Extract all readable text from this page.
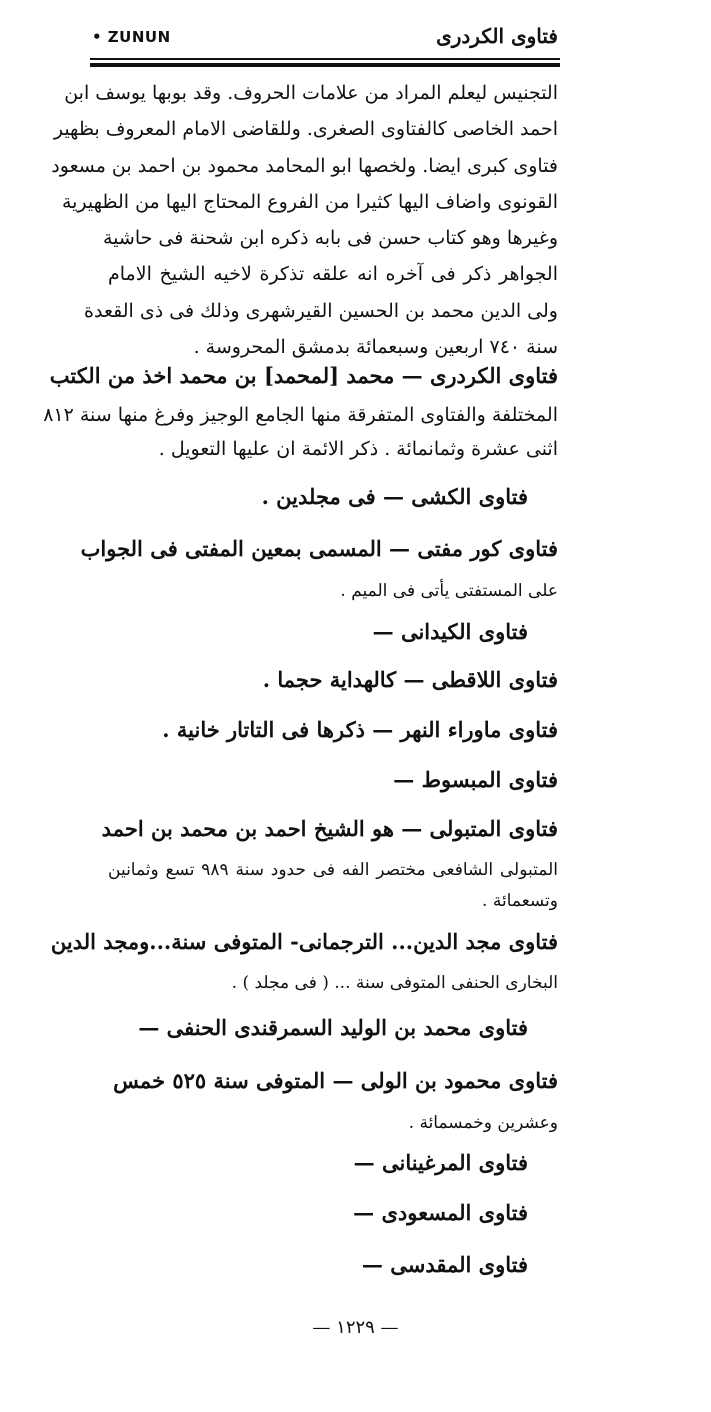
• ZUNUN	فتاوى الكردرى
التجنيس ليعلم المراد من علامات الحروف. وقد بوبها يوسف ابن
احمد الخاصى كالفتاوى الصغرى. وللقاضى الامام المعروف بظهير
فتاوى كبرى ايضا. ولخصها ابو المحامد محمود بن احمد بن مسعود
القونوى واضاف اليها كثيرا من الفروع المحتاج اليها من الظهيرية
وغيرها وهو كتاب حسن فى بابه ذكره ابن شحنة فى حاشية
الجواهر ذكر فى آخره انه علقه تذكرة لاخيه الشيخ الامام
ولى الدين محمد بن الحسين القيرشهرى وذلك فى ذى القعدة
سنة ٧٤٠ اربعين وسبعمائة بدمشق المحروسة .
فتاوى الكردرى — محمد [لمحمد] بن محمد اخذ من الكتب
المختلفة والفتاوى المتفرقة منها الجامع الوجيز وفرغ منها سنة ٨١٢
اثنى عشرة وثمانمائة . ذكر الائمة ان عليها التعويل .
فتاوى الكشى — فى مجلدين .
فتاوى كور مفتى — المسمى بمعين المفتى فى الجواب
على المستفتى يأتى فى الميم .
فتاوى الكيدانى —
فتاوى اللاقطى — كالهداية حجما .
فتاوى ماوراء النهر — ذكرها فى التاتار خانية .
فتاوى المبسوط —
فتاوى المتبولى — هو الشيخ احمد بن محمد بن احمد
المتبولى الشافعى مختصر الفه فى حدود سنة ٩٨٩ تسع وثمانين
وتسعمائة .
فتاوى مجد الدين... الترجمانى- المتوفى سنة...ومجد الدين
البخارى الحنفى المتوفى سنة ... ( فى مجلد ) .
فتاوى محمد بن الوليد السمرقندى الحنفى —
فتاوى محمود بن الولى — المتوفى سنة ٥٢٥ خمس
وعشرين وخمسمائة .
فتاوى المرغينانى —
فتاوى المسعودى —
فتاوى المقدسى —
— ١٢٢٩ —
